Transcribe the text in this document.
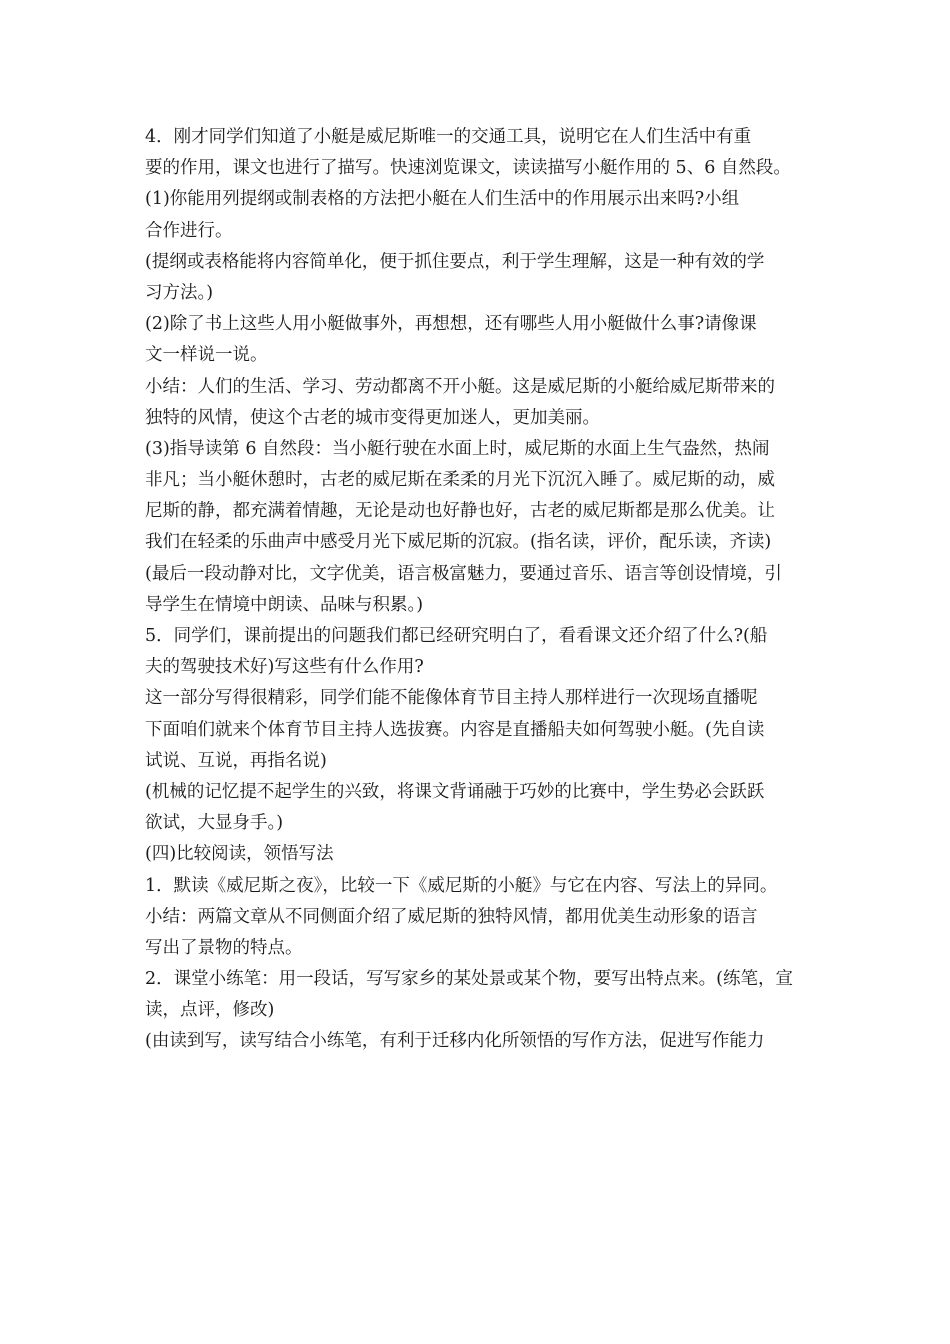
4．刚才同学们知道了小艇是威尼斯唯一的交通工具，说明它在人们生活中有重
要的作用，课文也进行了描写。快速浏览课文，读读描写小艇作用的 5、6 自然段。
(1)你能用列提纲或制表格的方法把小艇在人们生活中的作用展示出来吗?小组
合作进行。
(提纲或表格能将内容简单化，便于抓住要点，利于学生理解，这是一种有效的学
习方法。)
(2)除了书上这些人用小艇做事外，再想想，还有哪些人用小艇做什么事?请像课
文一样说一说。
小结：人们的生活、学习、劳动都离不开小艇。这是威尼斯的小艇给威尼斯带来的
独特的风情，使这个古老的城市变得更加迷人，更加美丽。
(3)指导读第 6 自然段：当小艇行驶在水面上时，威尼斯的水面上生气盎然，热闹
非凡；当小艇休憩时，古老的威尼斯在柔柔的月光下沉沉入睡了。威尼斯的动，威
尼斯的静，都充满着情趣，无论是动也好静也好，古老的威尼斯都是那么优美。让
我们在轻柔的乐曲声中感受月光下威尼斯的沉寂。(指名读，评价，配乐读，齐读)
(最后一段动静对比，文字优美，语言极富魅力，要通过音乐、语言等创设情境，引
导学生在情境中朗读、品味与积累。)
5．同学们，课前提出的问题我们都已经研究明白了，看看课文还介绍了什么?(船
夫的驾驶技术好)写这些有什么作用?
这一部分写得很精彩，同学们能不能像体育节目主持人那样进行一次现场直播呢
下面咱们就来个体育节目主持人选拔赛。内容是直播船夫如何驾驶小艇。(先自读
试说、互说，再指名说)
(机械的记忆提不起学生的兴致，将课文背诵融于巧妙的比赛中，学生势必会跃跃
欲试，大显身手。)
(四)比较阅读，领悟写法
1．默读《威尼斯之夜》，比较一下《威尼斯的小艇》与它在内容、写法上的异同。
小结：两篇文章从不同侧面介绍了威尼斯的独特风情，都用优美生动形象的语言
写出了景物的特点。
2．课堂小练笔：用一段话，写写家乡的某处景或某个物，要写出特点来。(练笔，宣
读，点评，修改)
(由读到写，读写结合小练笔，有利于迁移内化所领悟的写作方法，促进写作能力
